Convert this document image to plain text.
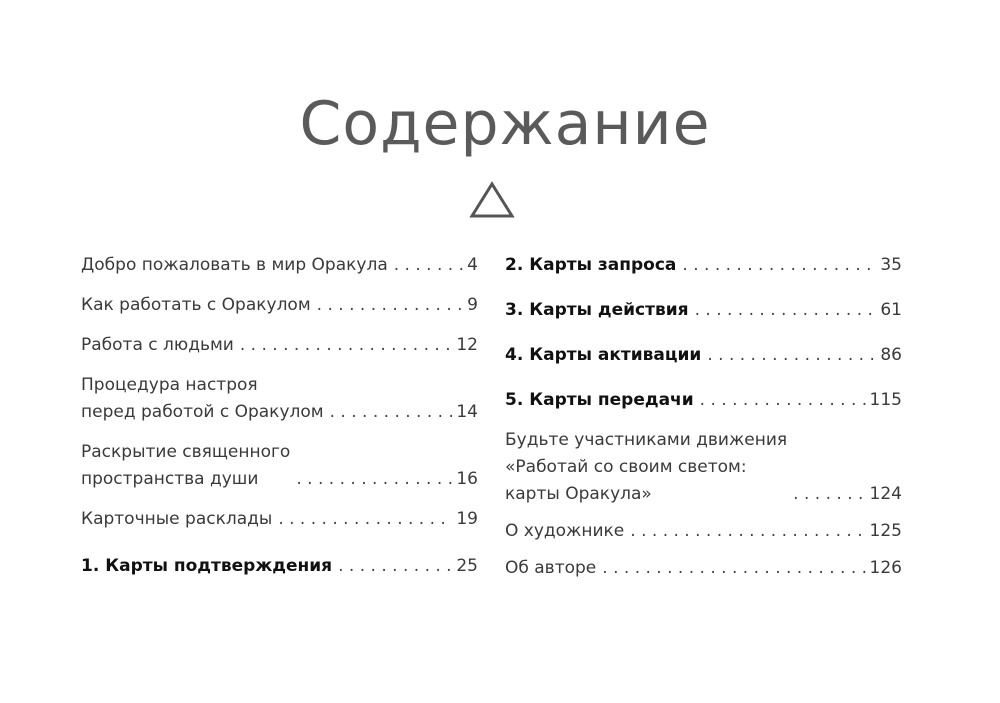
Содержание
Добро пожаловать в мир Оракула . . .	4
Как работать с Оракулом . . .	9
Работа с людьми . . .	12
Процедура настроя
перед работой с Оракулом . . .	14
Раскрытие священного
пространства души . . .	16
Карточные расклады . . .	19
1. Карты подтверждения . . .	25
2. Карты запроса . . .	35
3. Карты действия . . .	61
4. Карты активации . . .	86
5. Карты передачи . . .	115
Будьте участниками движения
«Работай со своим светом:
карты Оракула» . . .	124
О художнике . . .	125
Об авторе . . .	126
